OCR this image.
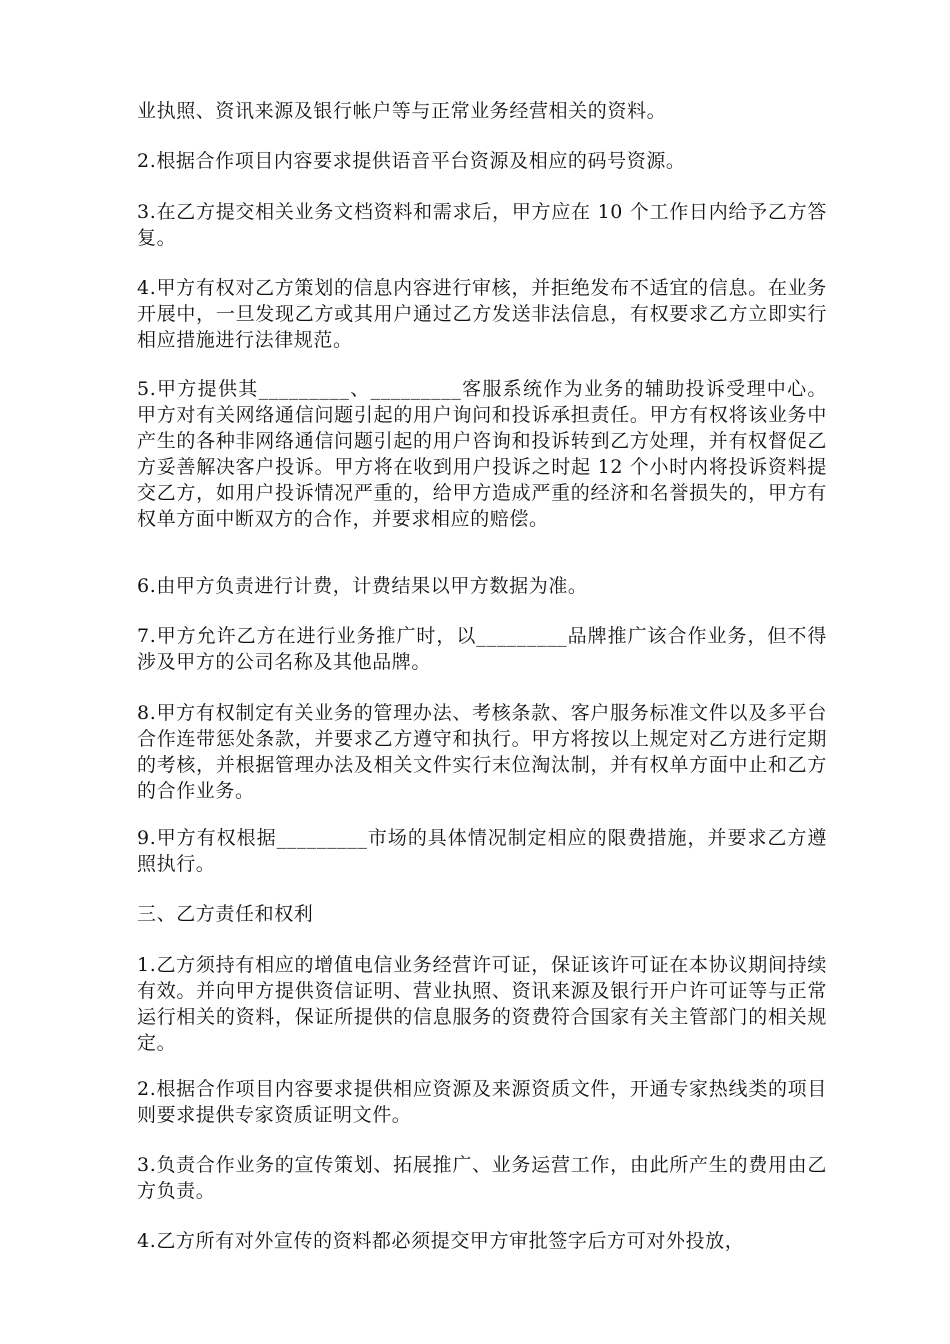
业执照、资讯来源及银行帐户等与正常业务经营相关的资料。

2.根据合作项目内容要求提供语音平台资源及相应的码号资源。

3.在乙方提交相关业务文档资料和需求后，甲方应在 10 个工作日内给予乙方答复。

4.甲方有权对乙方策划的信息内容进行审核，并拒绝发布不适宜的信息。在业务开展中，一旦发现乙方或其用户通过乙方发送非法信息，有权要求乙方立即实行相应措施进行法律规范。

5.甲方提供其_________、_________客服系统作为业务的辅助投诉受理中心。甲方对有关网络通信问题引起的用户询问和投诉承担责任。甲方有权将该业务中产生的各种非网络通信问题引起的用户咨询和投诉转到乙方处理，并有权督促乙方妥善解决客户投诉。甲方将在收到用户投诉之时起 12 个小时内将投诉资料提交乙方，如用户投诉情况严重的，给甲方造成严重的经济和名誉损失的，甲方有权单方面中断双方的合作，并要求相应的赔偿。

6.由甲方负责进行计费，计费结果以甲方数据为准。

7.甲方允许乙方在进行业务推广时，以_________品牌推广该合作业务，但不得涉及甲方的公司名称及其他品牌。

8.甲方有权制定有关业务的管理办法、考核条款、客户服务标准文件以及多平台合作连带惩处条款，并要求乙方遵守和执行。甲方将按以上规定对乙方进行定期的考核，并根据管理办法及相关文件实行末位淘汰制，并有权单方面中止和乙方的合作业务。

9.甲方有权根据_________市场的具体情况制定相应的限费措施，并要求乙方遵照执行。

三、乙方责任和权利

1.乙方须持有相应的增值电信业务经营许可证，保证该许可证在本协议期间持续有效。并向甲方提供资信证明、营业执照、资讯来源及银行开户许可证等与正常运行相关的资料，保证所提供的信息服务的资费符合国家有关主管部门的相关规定。

2.根据合作项目内容要求提供相应资源及来源资质文件，开通专家热线类的项目则要求提供专家资质证明文件。

3.负责合作业务的宣传策划、拓展推广、业务运营工作，由此所产生的费用由乙方负责。

4.乙方所有对外宣传的资料都必须提交甲方审批签字后方可对外投放，
